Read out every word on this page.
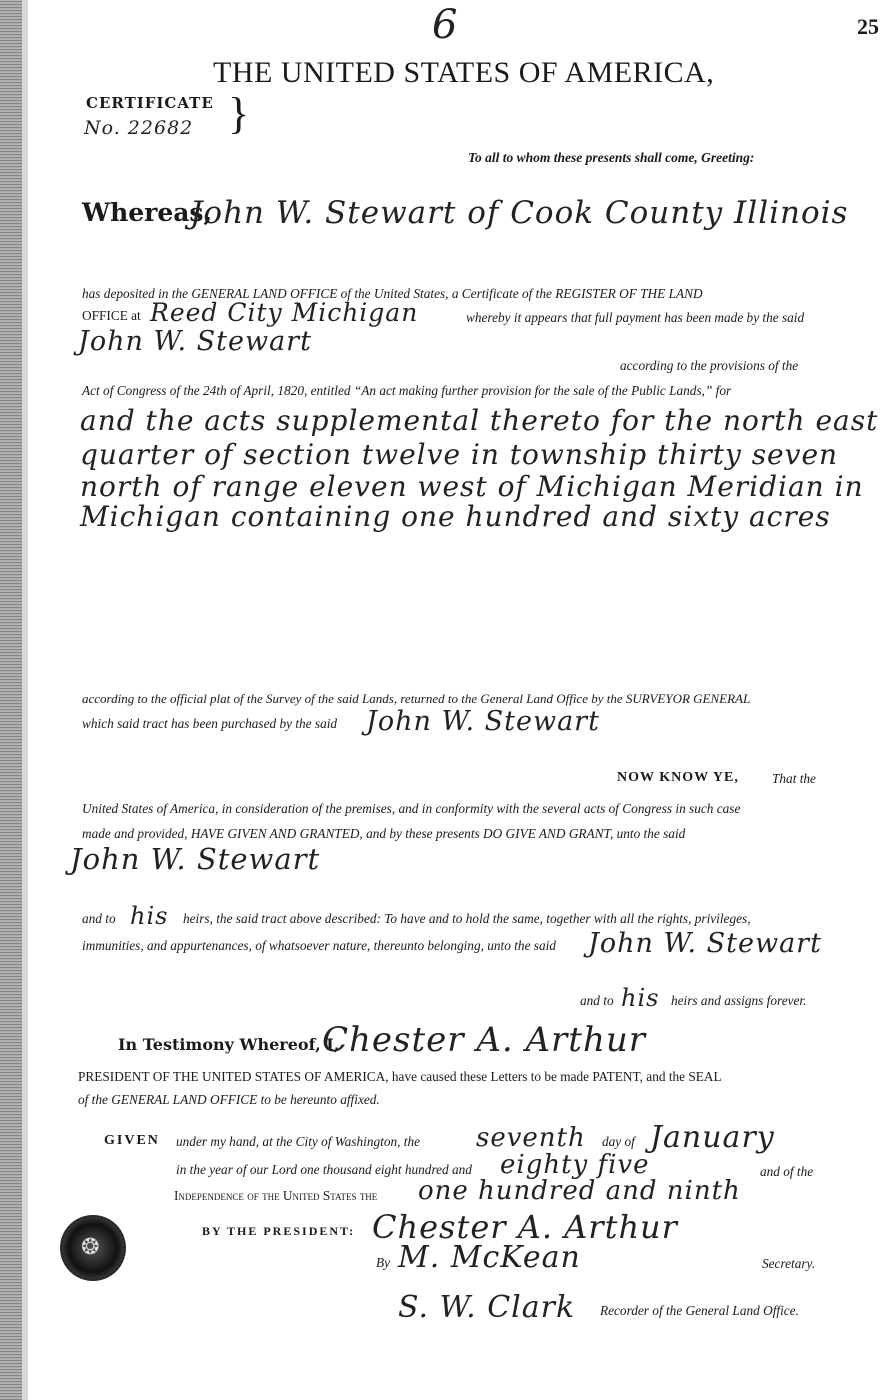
25
6
THE UNITED STATES OF AMERICA,
CERTIFICATE
No. 22682 }
To all to whom these presents shall come, Greeting:
Whereas,
John W. Stewart of Cook County Illinois
has deposited in the GENERAL LAND OFFICE of the United States, a Certificate of the REGISTER OF THE LAND
OFFICE at Reed City Michigan	whereby it appears that full payment has been made by the said
John W. Stewart
according to the provisions of the
Act of Congress of the 24th of April, 1820, entitled “An act making further provision for the sale of the Public Lands,” for
and the acts supplemental thereto for the north east
quarter of section twelve in township thirty seven
north of range eleven west of Michigan Meridian in
Michigan containing one hundred and sixty acres
according to the official plat of the Survey of the said Lands, returned to the General Land Office by the SURVEYOR GENERAL
which said tract has been purchased by the said John W. Stewart
NOW KNOW YE, That the
United States of America, in consideration of the premises, and in conformity with the several acts of Congress in such case
made and provided, HAVE GIVEN AND GRANTED, and by these presents DO GIVE AND GRANT, unto the said
John W. Stewart
and to his heirs, the said tract above described: To have and to hold the same, together with all the rights, privileges,
immunities, and appurtenances, of whatsoever nature, thereunto belonging, unto the said John W. Stewart
and to his heirs and assigns forever.
In Testimony Whereof, I,
Chester A. Arthur
PRESIDENT OF THE UNITED STATES OF AMERICA, have caused these Letters to be made PATENT, and the SEAL
of the GENERAL LAND OFFICE to be hereunto affixed.
GIVEN under my hand, at the City of Washington, the seventh day of January
in the year of our Lord one thousand eight hundred and eighty five	and of the
Independence of the United States the one hundred and ninth
❂
BY THE PRESIDENT: Chester A. Arthur
By M. McKean	Secretary.
S. W. Clark Recorder of the General Land Office.
